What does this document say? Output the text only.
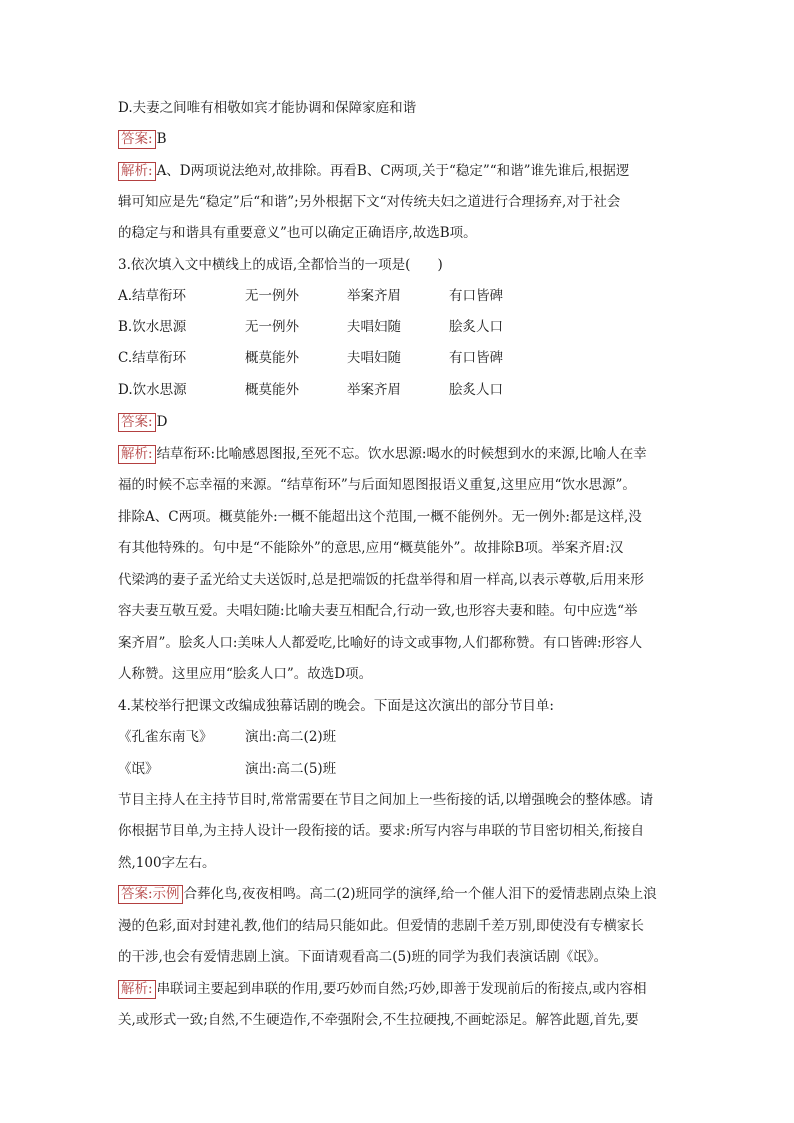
D.夫妻之间唯有相敬如宾才能协调和保障家庭和谐
答案: B
解析: A、D两项说法绝对,故排除。再看B、C两项,关于“稳定”“和谐”谁先谁后,根据逻
辑可知应是先“稳定”后“和谐”;另外根据下文“对传统夫妇之道进行合理扬弃,对于社会
的稳定与和谐具有重要意义”也可以确定正确语序,故选B项。
3.依次填入文中横线上的成语,全都恰当的一项是(　　)
A.结草衔环	无一例外	举案齐眉	有口皆碑
B.饮水思源	无一例外	夫唱妇随	脍炙人口
C.结草衔环	概莫能外	夫唱妇随	有口皆碑
D.饮水思源	概莫能外	举案齐眉	脍炙人口
答案: D
解析: 结草衔环:比喻感恩图报,至死不忘。饮水思源:喝水的时候想到水的来源,比喻人在幸
福的时候不忘幸福的来源。“结草衔环”与后面知恩图报语义重复,这里应用“饮水思源”。
排除A、C两项。概莫能外:一概不能超出这个范围,一概不能例外。无一例外:都是这样,没
有其他特殊的。句中是“不能除外”的意思,应用“概莫能外”。故排除B项。举案齐眉:汉
代梁鸿的妻子孟光给丈夫送饭时,总是把端饭的托盘举得和眉一样高,以表示尊敬,后用来形
容夫妻互敬互爱。夫唱妇随:比喻夫妻互相配合,行动一致,也形容夫妻和睦。句中应选“举
案齐眉”。脍炙人口:美味人人都爱吃,比喻好的诗文或事物,人们都称赞。有口皆碑:形容人
人称赞。这里应用“脍炙人口”。故选D项。
4.某校举行把课文改编成独幕话剧的晚会。下面是这次演出的部分节目单:
《孔雀东南飞》 演出:高二(2)班
《氓》	演出:高二(5)班
节目主持人在主持节目时,常常需要在节目之间加上一些衔接的话,以增强晚会的整体感。请
你根据节目单,为主持人设计一段衔接的话。要求:所写内容与串联的节目密切相关,衔接自
然,100字左右。
答案:示例 合葬化鸟,夜夜相鸣。高二(2)班同学的演绎,给一个催人泪下的爱情悲剧点染上浪
漫的色彩,面对封建礼教,他们的结局只能如此。但爱情的悲剧千差万别,即使没有专横家长
的干涉,也会有爱情悲剧上演。下面请观看高二(5)班的同学为我们表演话剧《氓》。
解析: 串联词主要起到串联的作用,要巧妙而自然;巧妙,即善于发现前后的衔接点,或内容相
关,或形式一致;自然,不生硬造作,不牵强附会,不生拉硬拽,不画蛇添足。解答此题,首先,要
